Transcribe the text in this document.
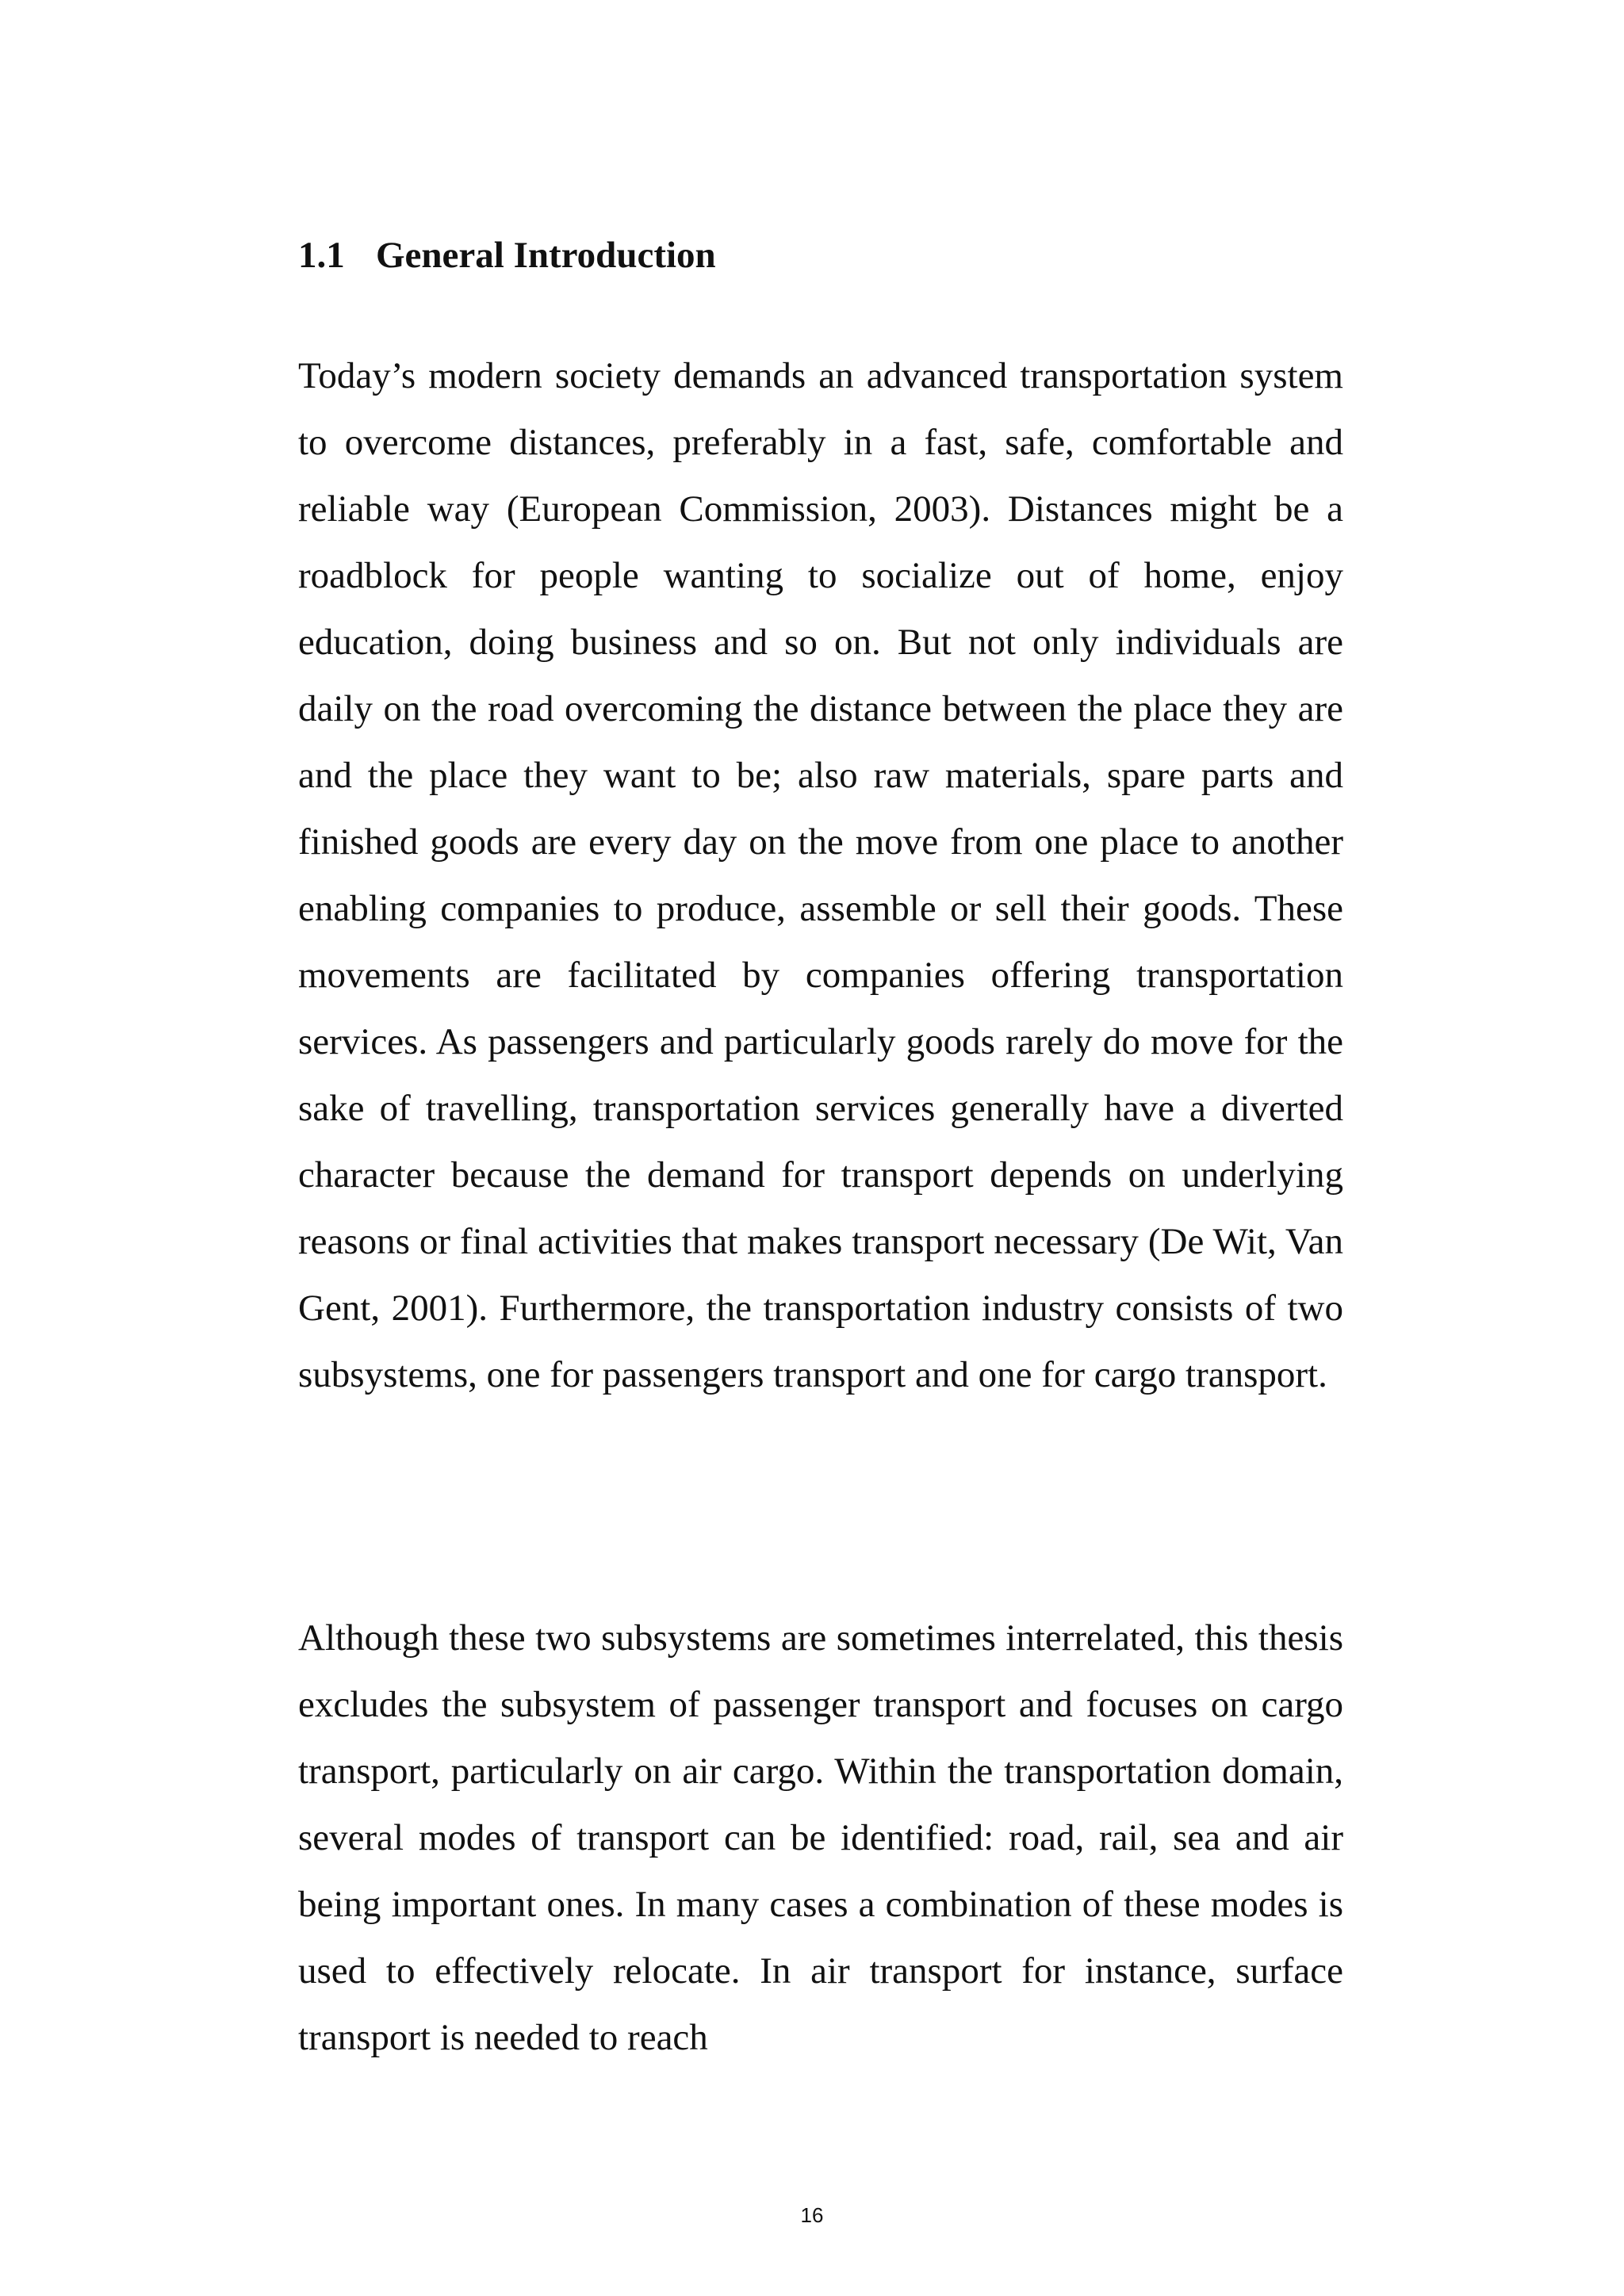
1.1 General Introduction

Today’s modern society demands an advanced transportation system to overcome distances, preferably in a fast, safe, comfortable and reliable way (European Commission, 2003). Distances might be a roadblock for people wanting to socialize out of home, enjoy education, doing business and so on. But not only individuals are daily on the road overcoming the distance between the place they are and the place they want to be; also raw materials, spare parts and finished goods are every day on the move from one place to another enabling companies to produce, assemble or sell their goods. These movements are facilitated by companies offering transportation services. As passengers and particularly goods rarely do move for the sake of travelling, transportation services generally have a diverted character because the demand for transport depends on underlying reasons or final activities that makes transport necessary (De Wit, Van Gent, 2001). Furthermore, the transportation industry consists of two subsystems, one for passengers transport and one for cargo transport.

Although these two subsystems are sometimes interrelated, this thesis excludes the subsystem of passenger transport and focuses on cargo transport, particularly on air cargo. Within the transportation domain, several modes of transport can be identified: road, rail, sea and air being important ones. In many cases a combination of these modes is used to effectively relocate. In air transport for instance, surface transport is needed to reach

16
